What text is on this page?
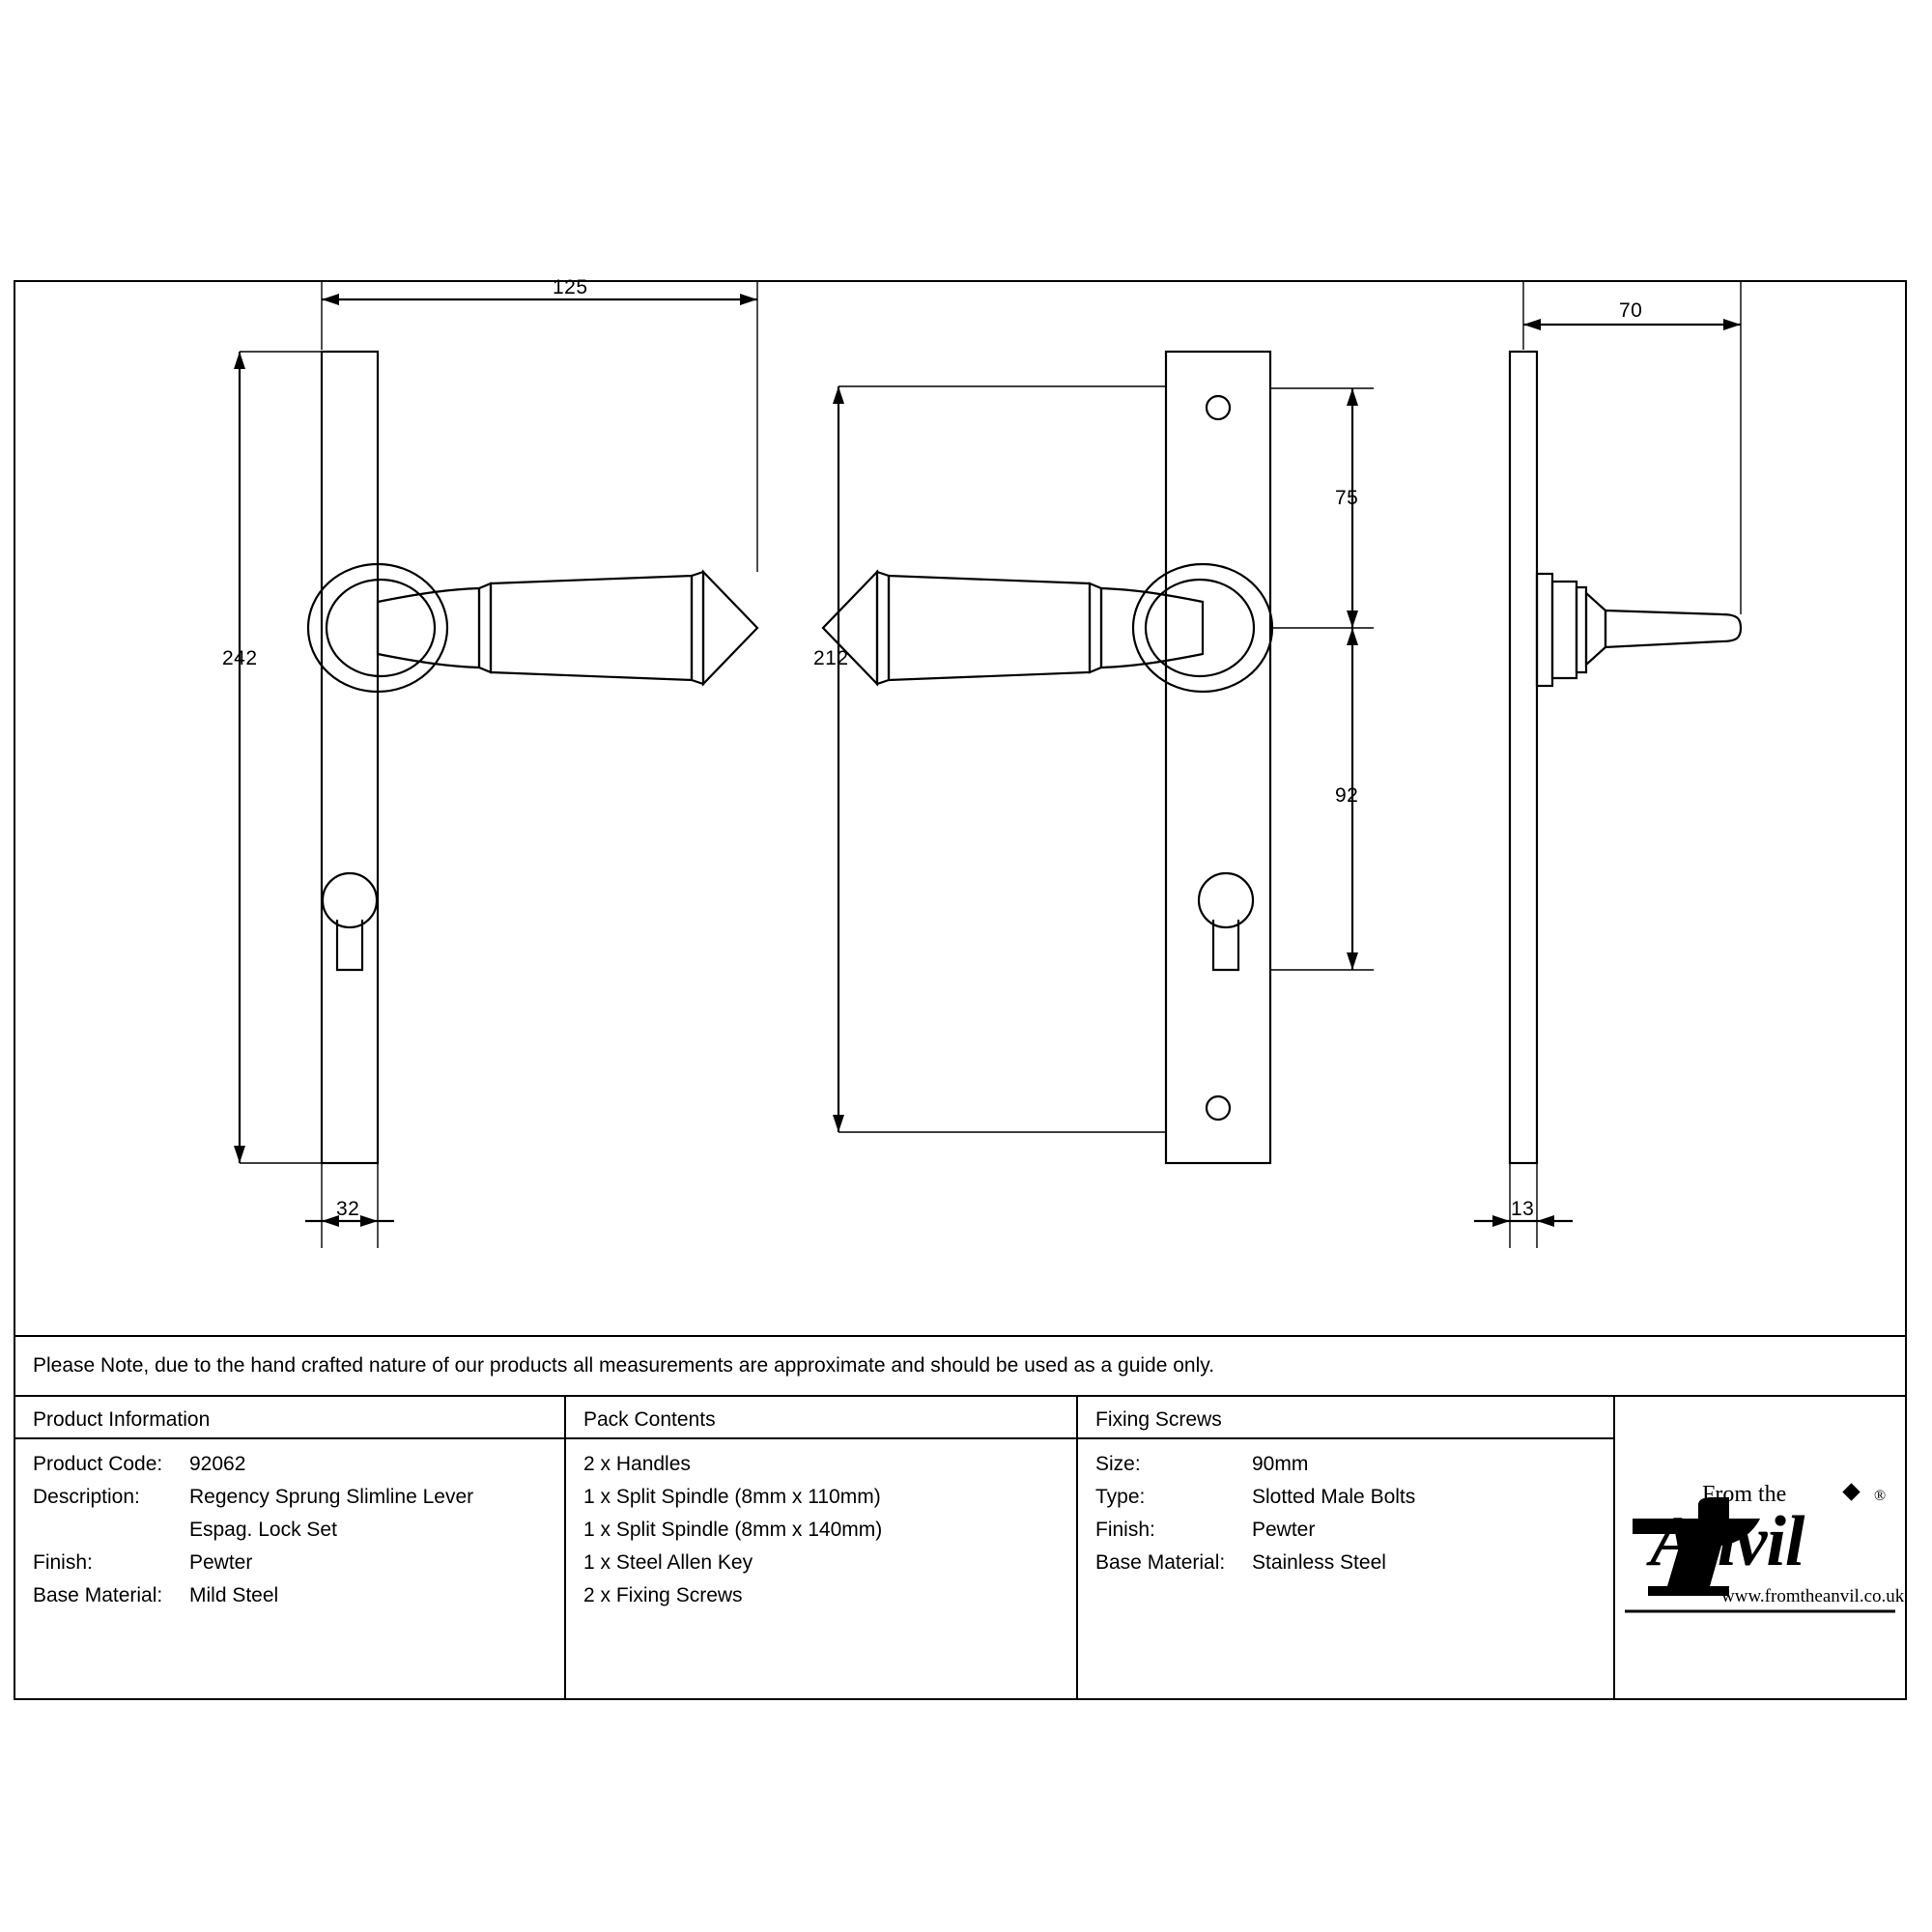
125
242
32
212
75
92
70
13
Please Note, due to the hand crafted nature of our products all measurements are approximate and should be used as a guide only.
Product Information
Product Code: 92062
Description: Regency Sprung Slimline Lever
Espag. Lock Set
Finish:	Pewter
Base Material: Mild Steel
Pack Contents
2 x Handles
1 x Split Spindle (8mm x 110mm)
1 x Split Spindle (8mm x 140mm)
1 x Steel Allen Key
2 x Fixing Screws
Fixing Screws
Size:	90mm
Type:	Slotted Male Bolts
Finish:	Pewter
Base Material: Stainless Steel
From the	®
Anvil
www.fromtheanvil.co.uk
